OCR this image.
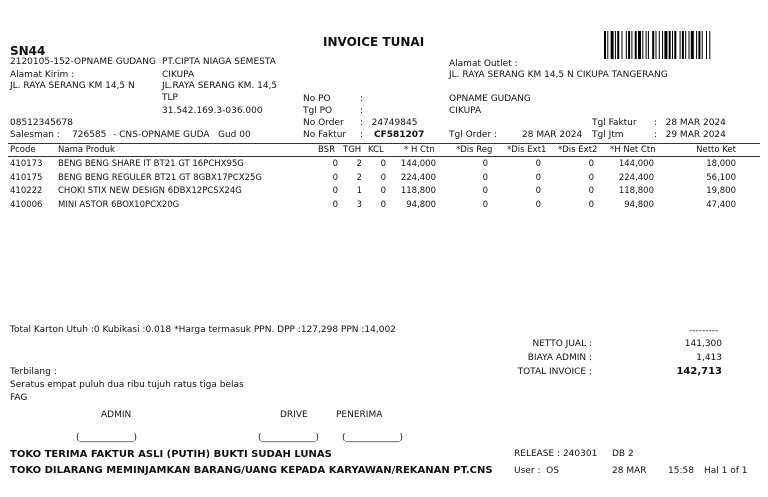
INVOICE TUNAI
SN44
2120105-152-OPNAME GUDANG
Alamat Kirim :
JL. RAYA SERANG KM 14,5 N
08512345678
PT.CIPTA NIAGA SEMESTA
CIKUPA
JL.RAYA SERANG KM. 14,5
TLP
31.542.169.3-036.000
No PO	:
Tgl PO	:
No Order :   24749845
No Faktur : CF581207
Alamat Outlet :
JL. RAYA SERANG KM 14,5 N CIKUPA TANGERANG
OPNAME GUDANG
CIKUPA
Tgl Order :	28 MAR 2024
Tgl Faktur :   28 MAR 2024
Tgl Jtm	:   29 MAR 2024
Salesman : 726585 - CNS-OPNAME GUDA Gud 00
Pcode	Nama Produk	BSR TGH KCL	* H Ctn	*Dis Reg	*Dis Ext1	*Dis Ext2	*H Net Ctn	Netto Ket
410173	BENG BENG SHARE IT BT21 GT 16PCHX95G	0	2	0	144,000	0	0	0	144,000	18,000
410175	BENG BENG REGULER BT21 GT 8GBX17PCX25G	0	2	0	224,400	0	0	0	224,400	56,100
410222	CHOKI STIX NEW DESIGN 6DBX12PCSX24G	0	1	0	118,800	0	0	0	118,800	19,800
410006	MINI ASTOR 6BOX10PCX20G	0	3	0	94,800	0	0	0	94,800	47,400
Total Karton Utuh :0 Kubikasi :0.018 *Harga termasuk PPN. DPP :127,298 PPN :14,002	---------
NETTO JUAL :	141,300
BIAYA ADMIN :	1,413
TOTAL INVOICE :	142,713
Terbilang :
Seratus empat puluh dua ribu tujuh ratus tiga belas
FAG
ADMIN	DRIVE	PENERIMA
(____________)	(____________)	(____________)
TOKO TERIMA FAKTUR ASLI (PUTIH) BUKTI SUDAH LUNAS
TOKO DILARANG MEMINJAMKAN BARANG/UANG KEPADA KARYAWAN/REKANAN PT.CNS
RELEASE : 240301 DB 2
User :  OS	28 MAR 15:58 Hal 1 of 1
